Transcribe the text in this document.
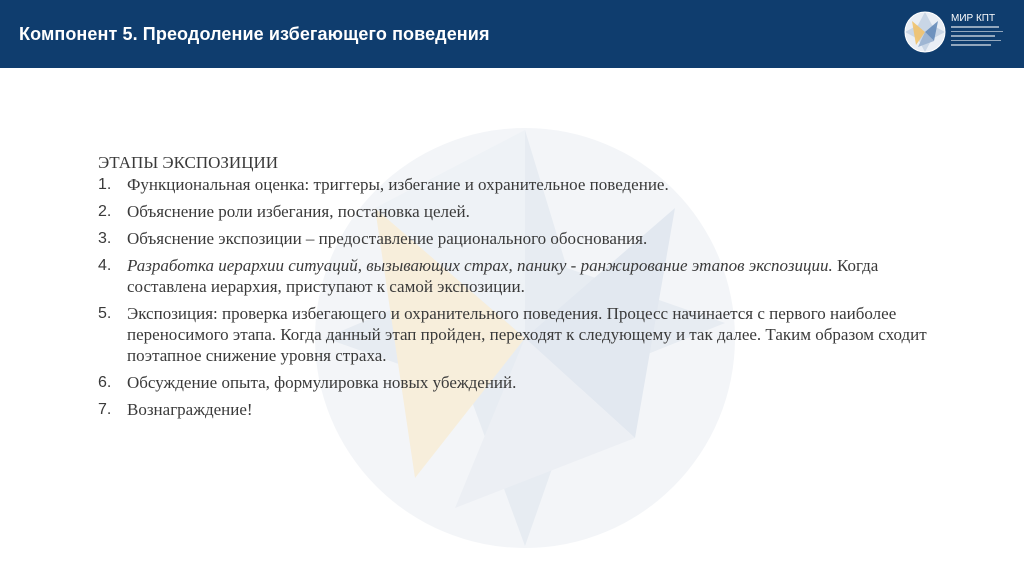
Компонент 5. Преодоление избегающего поведения
МИР КПТ
ЭТАПЫ ЭКСПОЗИЦИИ
1. Функциональная оценка: триггеры, избегание и охранительное поведение.
2. Объяснение роли избегания, постановка целей.
3. Объяснение экспозиции – предоставление рационального обоснования.
4. Разработка иерархии ситуаций, вызывающих страх, панику - ранжирование этапов экспозиции. Когда составлена иерархия, приступают к самой экспозиции.
5. Экспозиция: проверка избегающего и охранительного поведения. Процесс начинается с первого наиболее переносимого этапа. Когда данный этап пройден, переходят к следующему и так далее. Таким образом сходит поэтапное снижение уровня страха.
6. Обсуждение опыта, формулировка новых убеждений.
7. Вознаграждение!
